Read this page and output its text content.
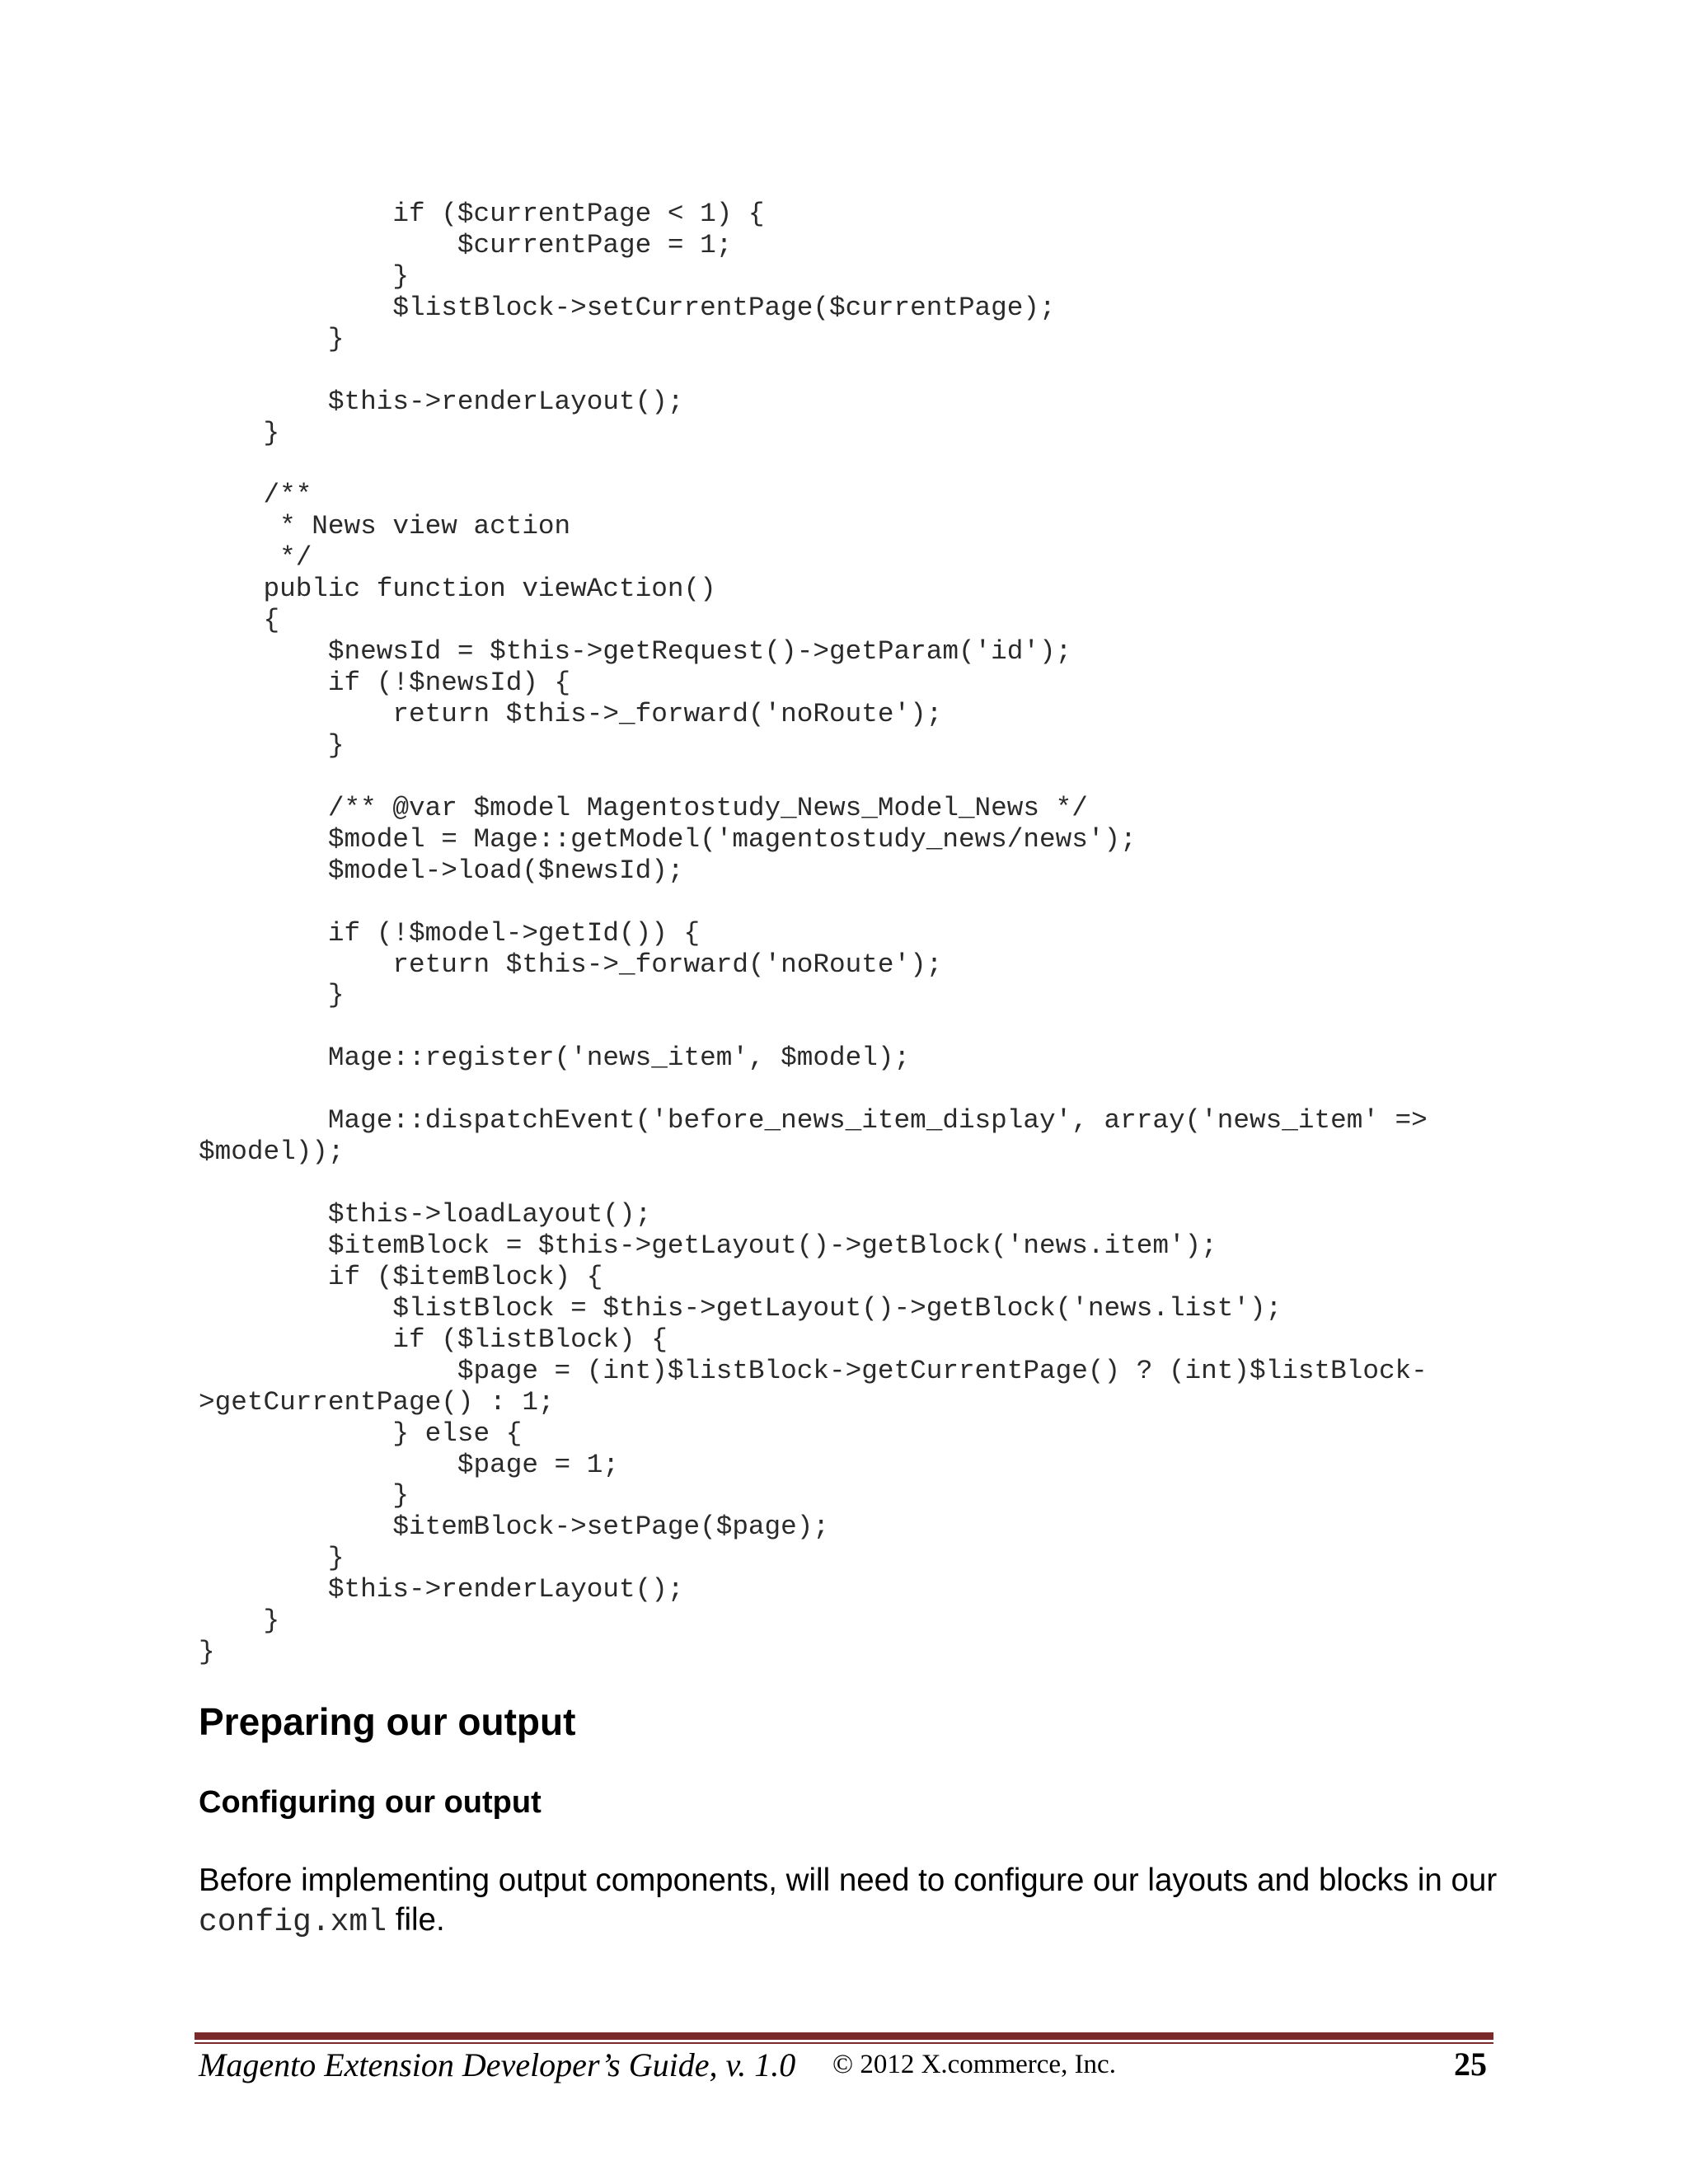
if ($currentPage < 1) {
$currentPage = 1;
}
$listBlock->setCurrentPage($currentPage);
}

$this->renderLayout();
}

/**
* News view action
*/
public function viewAction()
{
$newsId = $this->getRequest()->getParam('id');
if (!$newsId) {
return $this->_forward('noRoute');
}

/** @var $model Magentostudy_News_Model_News */
$model = Mage::getModel('magentostudy_news/news');
$model->load($newsId);

if (!$model->getId()) {
return $this->_forward('noRoute');
}

Mage::register('news_item', $model);

Mage::dispatchEvent('before_news_item_display', array('news_item' =>
$model));

$this->loadLayout();
$itemBlock = $this->getLayout()->getBlock('news.item');
if ($itemBlock) {
$listBlock = $this->getLayout()->getBlock('news.list');
if ($listBlock) {
$page = (int)$listBlock->getCurrentPage() ? (int)$listBlock-
>getCurrentPage() : 1;
} else {
$page = 1;
}
$itemBlock->setPage($page);
}
$this->renderLayout();
}
}
Preparing our output
Configuring our output

Before implementing output components, will need to configure our layouts and blocks in our config.xml file.

Magento Extension Developer’s Guide, v. 1.0 © 2012 X.commerce, Inc.	25
